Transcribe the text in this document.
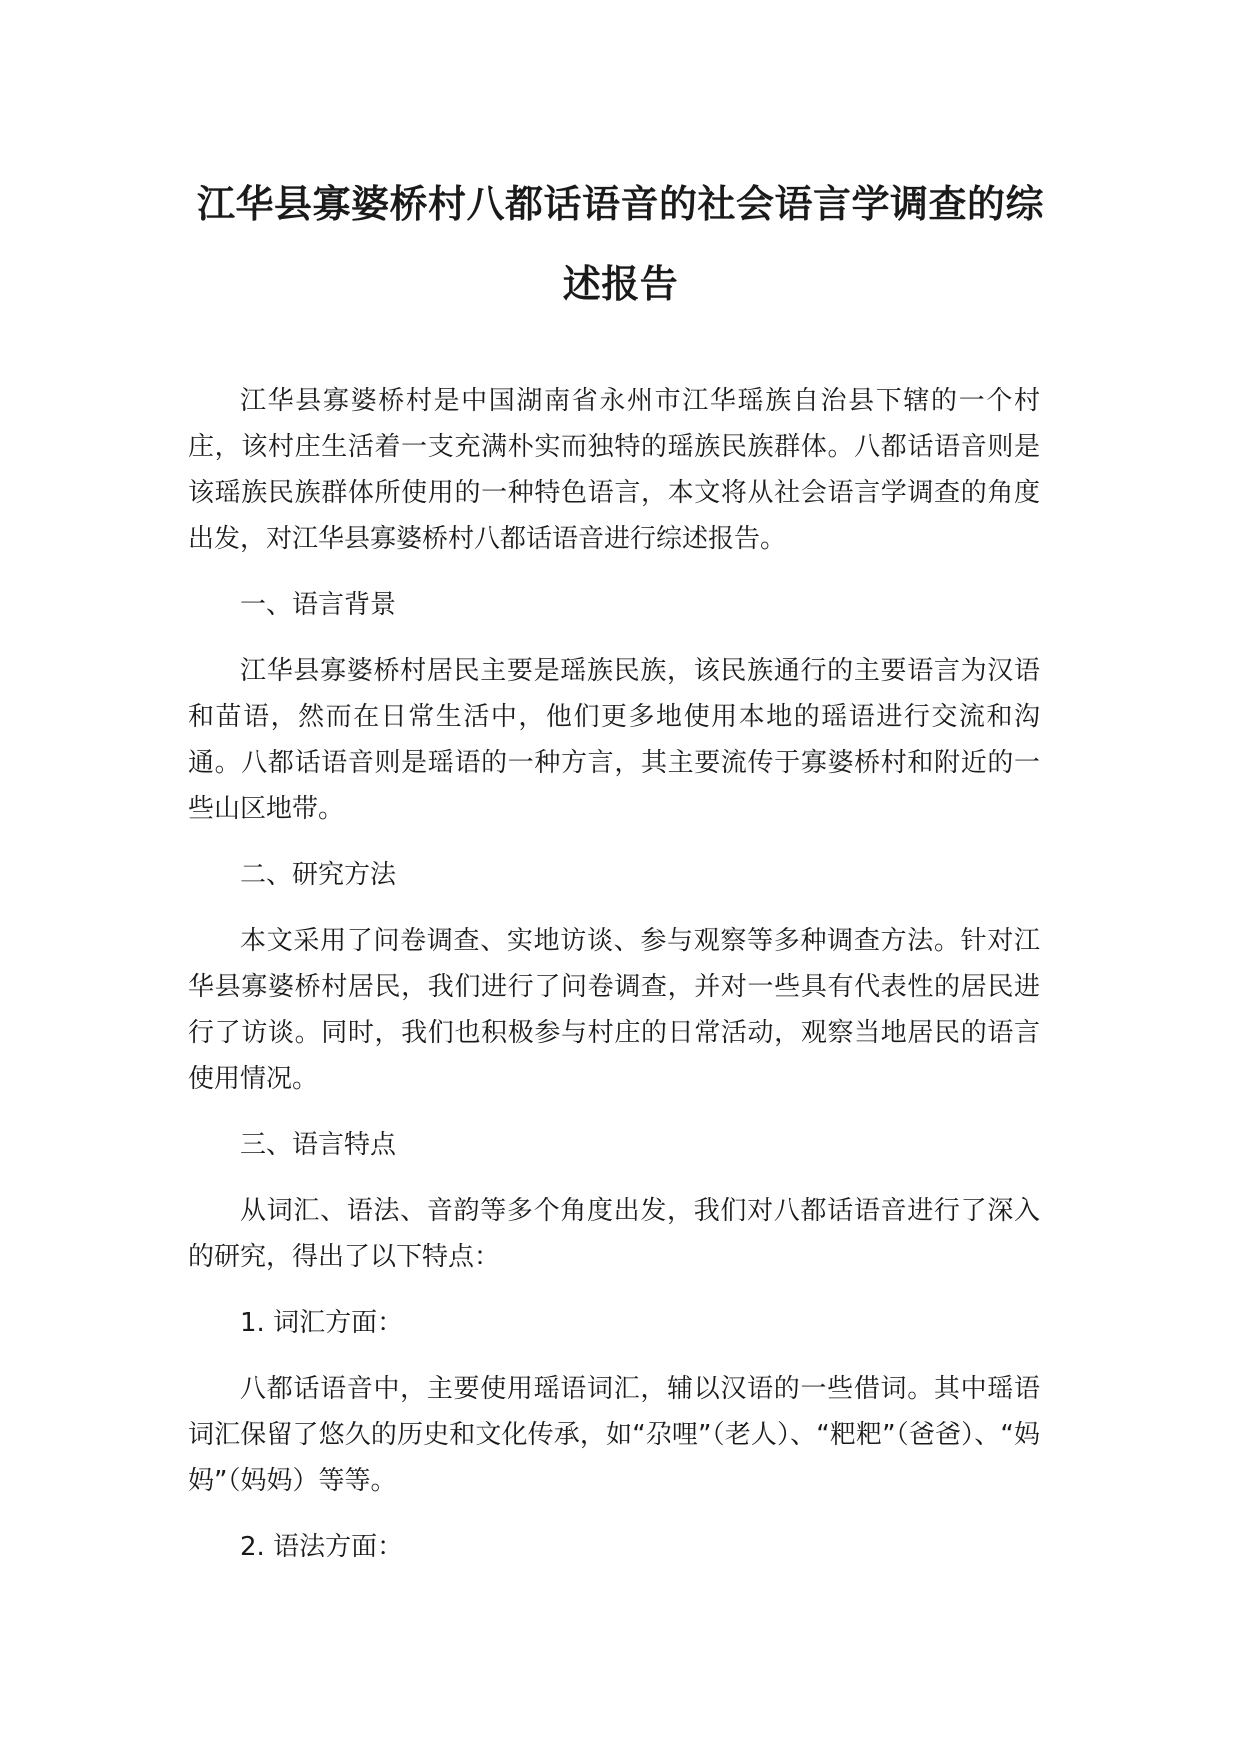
江华县寡婆桥村八都话语音的社会语言学调查的综
述报告

江华县寡婆桥村是中国湖南省永州市江华瑶族自治县下辖的一个村庄，该村庄生活着一支充满朴实而独特的瑶族民族群体。八都话语音则是该瑶族民族群体所使用的一种特色语言，本文将从社会语言学调查的角度出发，对江华县寡婆桥村八都话语音进行综述报告。

一、语言背景

江华县寡婆桥村居民主要是瑶族民族，该民族通行的主要语言为汉语和苗语，然而在日常生活中，他们更多地使用本地的瑶语进行交流和沟通。八都话语音则是瑶语的一种方言，其主要流传于寡婆桥村和附近的一些山区地带。

二、研究方法

本文采用了问卷调查、实地访谈、参与观察等多种调查方法。针对江华县寡婆桥村居民，我们进行了问卷调查，并对一些具有代表性的居民进行了访谈。同时，我们也积极参与村庄的日常活动，观察当地居民的语言使用情况。

三、语言特点

从词汇、语法、音韵等多个角度出发，我们对八都话语音进行了深入的研究，得出了以下特点：

1. 词汇方面：

八都话语音中，主要使用瑶语词汇，辅以汉语的一些借词。其中瑶语词汇保留了悠久的历史和文化传承，如“尕哩”（老人）、“粑粑”（爸爸）、“妈妈”（妈妈）等等。

2. 语法方面：
